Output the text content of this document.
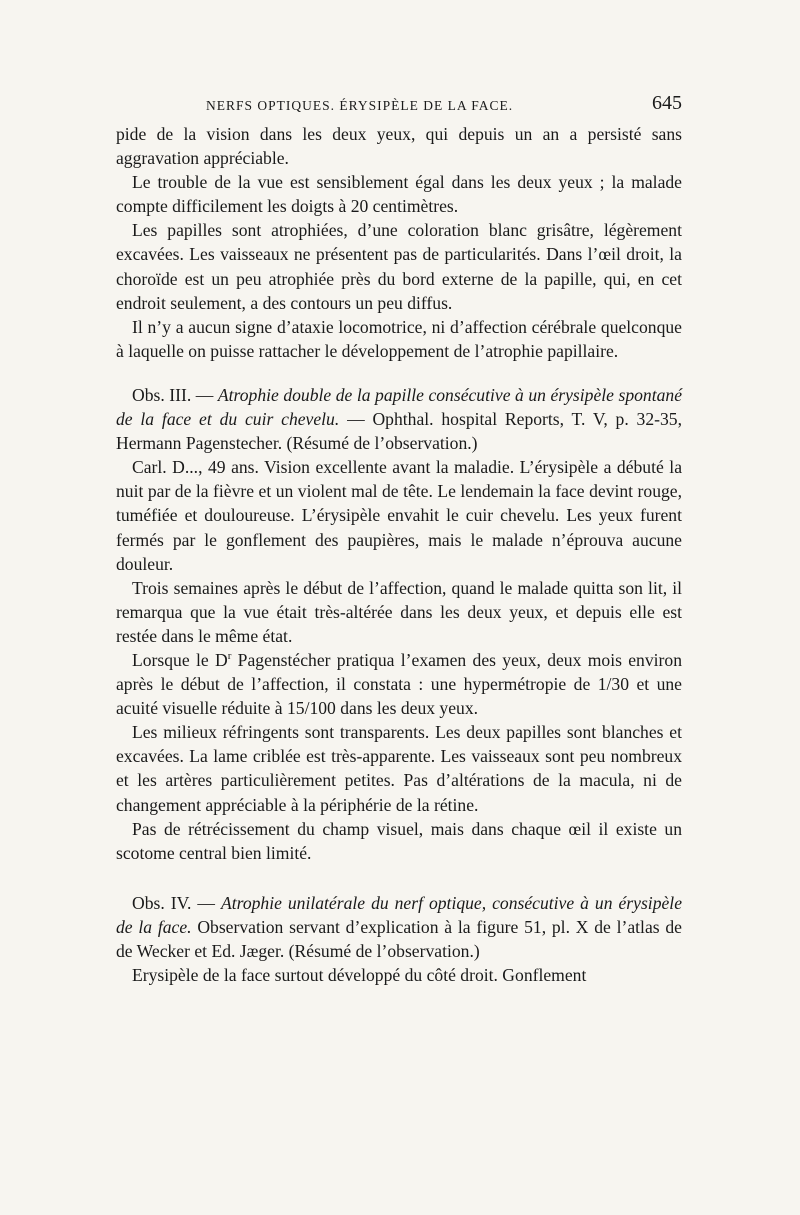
NERFS OPTIQUES. ÉRYSIPÈLE DE LA FACE.	645

pide de la vision dans les deux yeux, qui depuis un an a persisté sans aggravation appréciable.

Le trouble de la vue est sensiblement égal dans les deux yeux ; la malade compte difficilement les doigts à 20 centimètres.

Les papilles sont atrophiées, d’une coloration blanc grisâtre, légèrement excavées. Les vaisseaux ne présentent pas de particularités. Dans l’œil droit, la choroïde est un peu atrophiée près du bord externe de la papille, qui, en cet endroit seulement, a des contours un peu diffus.

Il n’y a aucun signe d’ataxie locomotrice, ni d’affection cérébrale quelconque à laquelle on puisse rattacher le développement de l’atrophie papillaire.

Obs. III. — Atrophie double de la papille consécutive à un érysipèle spontané de la face et du cuir chevelu. — Ophthal. hospital Reports, T. V, p. 32-35, Hermann Pagenstecher. (Résumé de l’observation.)

Carl. D..., 49 ans. Vision excellente avant la maladie. L’érysipèle a débuté la nuit par de la fièvre et un violent mal de tête. Le lendemain la face devint rouge, tuméfiée et douloureuse. L’érysipèle envahit le cuir chevelu. Les yeux furent fermés par le gonflement des paupières, mais le malade n’éprouva aucune douleur.

Trois semaines après le début de l’affection, quand le malade quitta son lit, il remarqua que la vue était très-altérée dans les deux yeux, et depuis elle est restée dans le même état.

Lorsque le $D^r$ Pagenstécher pratiqua l’examen des yeux, deux mois environ après le début de l’affection, il constata : une hypermétropie de 1/30 et une acuité visuelle réduite à 15/100 dans les deux yeux.

Les milieux réfringents sont transparents. Les deux papilles sont blanches et excavées. La lame criblée est très-apparente. Les vaisseaux sont peu nombreux et les artères particulièrement petites. Pas d’altérations de la macula, ni de changement appréciable à la périphérie de la rétine.

Pas de rétrécissement du champ visuel, mais dans chaque œil il existe un scotome central bien limité.

Obs. IV. — Atrophie unilatérale du nerf optique, consécutive à un érysipèle de la face. Observation servant d’explication à la figure 51, pl. X de l’atlas de de Wecker et Ed. Jæger. (Résumé de l’observation.)

Erysipèle de la face surtout développé du côté droit. Gonflement
